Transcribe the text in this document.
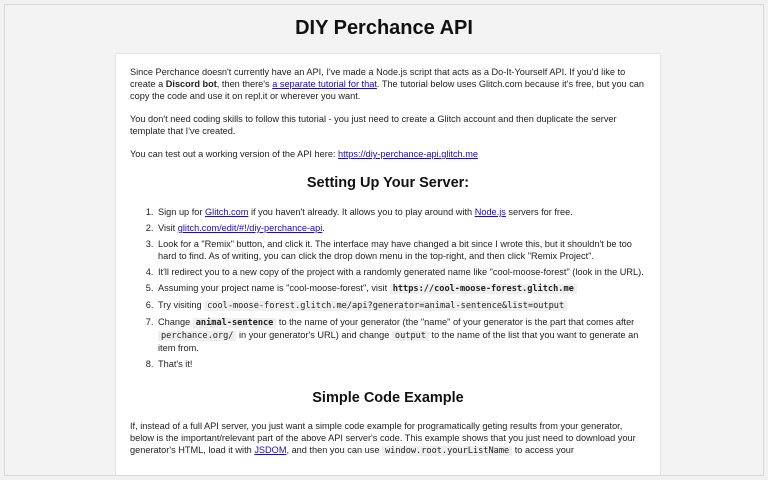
DIY Perchance API

Since Perchance doesn't currently have an API, I've made a Node.js script that acts as a Do-It-Yourself API. If you'd like to create a Discord bot, then there's a separate tutorial for that. The tutorial below uses Glitch.com because it's free, but you can copy the code and use it on repl.it or wherever you want.

You don't need coding skills to follow this tutorial - you just need to create a Glitch account and then duplicate the server template that I've created.

You can test out a working version of the API here: https://diy-perchance-api.glitch.me

Setting Up Your Server:
1. Sign up for Glitch.com if you haven't already. It allows you to play around with Node.js servers for free.
2. Visit glitch.com/edit/#!/diy-perchance-api.
3. Look for a "Remix" button, and click it. The interface may have changed a bit since I wrote this, but it shouldn't be too hard to find. As of writing, you can click the drop down menu in the top-right, and then click "Remix Project".
4. It'll redirect you to a new copy of the project with a randomly generated name like "cool-moose-forest" (look in the URL).
5. Assuming your project name is "cool-moose-forest", visit https://cool-moose-forest.glitch.me
6. Try visiting cool-moose-forest.glitch.me/api?generator=animal-sentence&list=output
7. Change animal-sentence to the name of your generator (the "name" of your generator is the part that comes after perchance.org/ in your generator's URL) and change output to the name of the list that you want to generate an item from.
8. That's it!
Simple Code Example

If, instead of a full API server, you just want a simple code example for programatically geting results from your generator, below is the important/relevant part of the above API server's code. This example shows that you just need to download your generator's HTML, load it with JSDOM, and then you can use window.root.yourListName to access your
